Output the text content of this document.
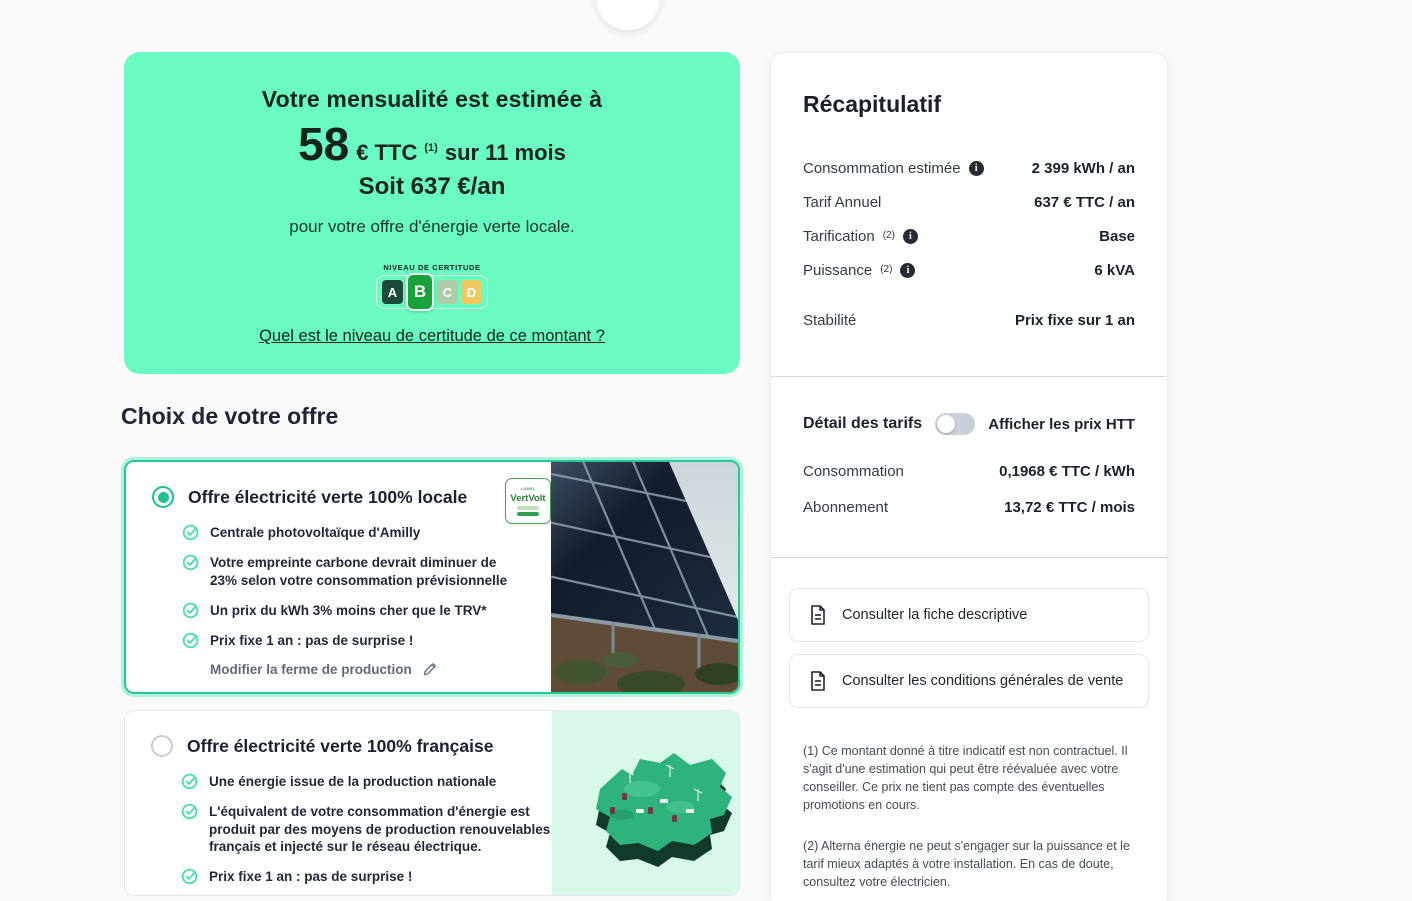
Votre mensualité est estimée à
58 € TTC (1) sur 11 mois
Soit 637 €/an
pour votre offre d'énergie verte locale.
NIVEAU DE CERTITUDE
A B	C	D
Quel est le niveau de certitude de ce montant ?
Choix de votre offre
Offre électricité verte 100% locale
Centrale photovoltaïque d'Amilly
Votre empreinte carbone devrait diminuer de 23% selon votre consommation prévisionnelle
Un prix du kWh 3% moins cher que le TRV*
Prix fixe 1 an : pas de surprise !
Modifier la ferme de production
LABEL
VertVolt
Offre électricité verte 100% française
Une énergie issue de la production nationale
L'équivalent de votre consommation d'énergie est produit par des moyens de production renouvelables français et injecté sur le réseau électrique.
Prix fixe 1 an : pas de surprise !
Récapitulatif
Consommation estimée	i	2 399 kWh / an
Tarif Annuel	637 € TTC / an
Tarification $^{(2)}$	i	Base
Puissance $^{(2)}$	i	6 kVA
Stabilité	Prix fixe sur 1 an
Détail des tarifs	Afficher les prix HTT
Consommation	0,1968 € TTC / kWh
Abonnement	13,72 € TTC / mois
Consulter la fiche descriptive
Consulter les conditions générales de vente

(1) Ce montant donné à titre indicatif est non contractuel. Il s'agit d'une estimation qui peut être réévaluée avec votre conseiller. Ce prix ne tient pas compte des éventuelles promotions en cours.

(2) Alterna énergie ne peut s'engager sur la puissance et le tarif mieux adaptés à votre installation. En cas de doute, consultez votre électricien.
